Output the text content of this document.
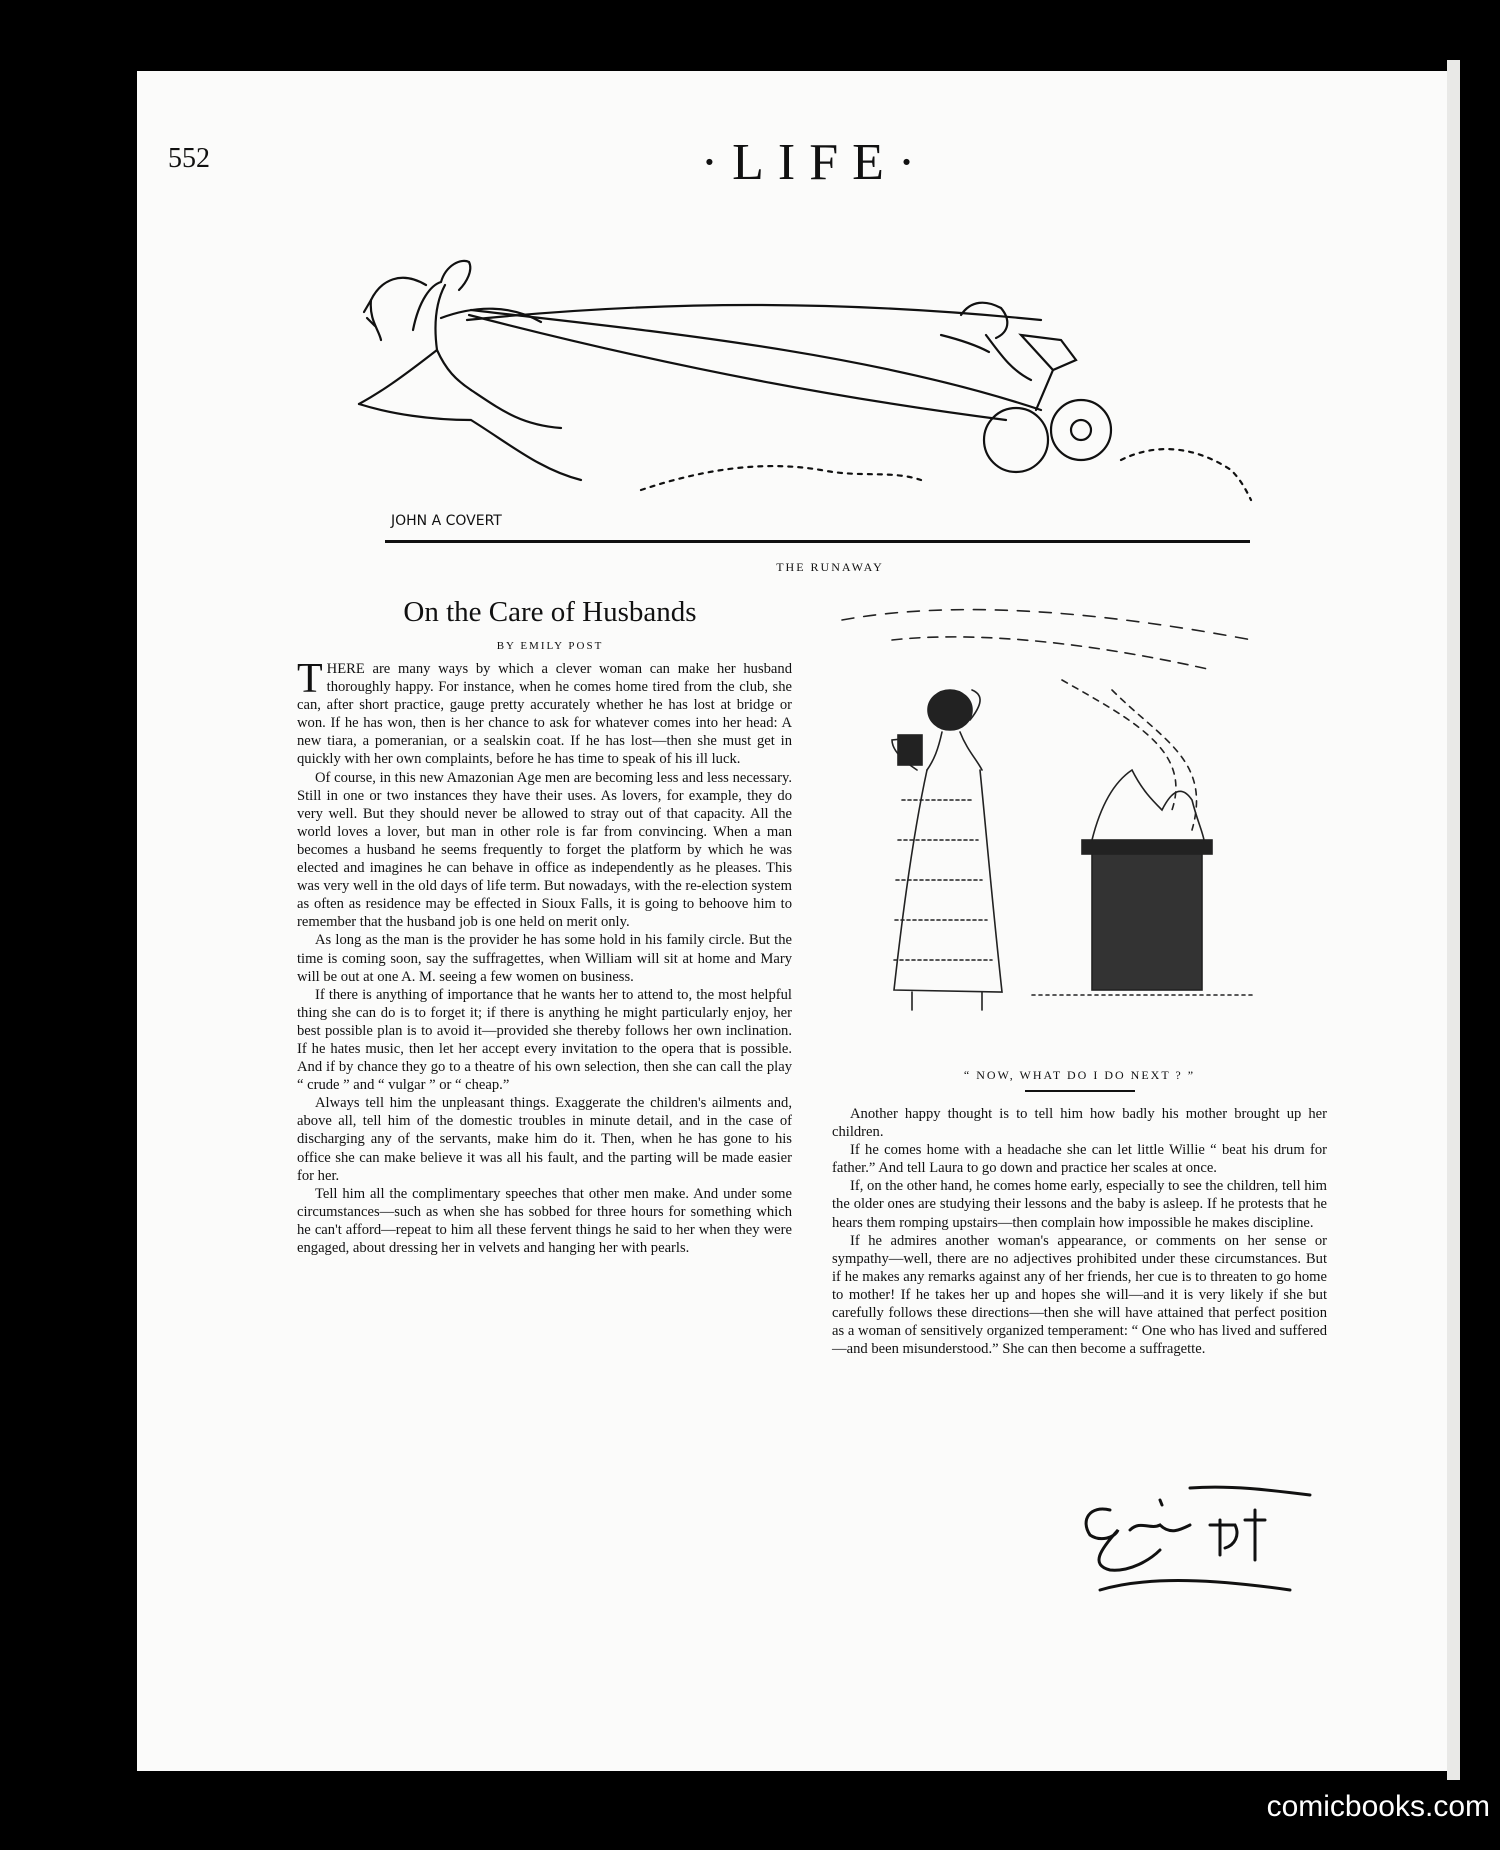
552	·LIFE·
JOHN A COVERT
THE RUNAWAY
On the Care of Husbands
BY EMILY POST

T HERE are many ways by which a clever woman can make her husband thoroughly happy. For instance, when he comes home tired from the club, she can, after short practice, gauge pretty accurately whether he has lost at bridge or won. If he has won, then is her chance to ask for whatever comes into her head: A new tiara, a pomeranian, or a sealskin coat. If he has lost—then she must get in quickly with her own complaints, before he has time to speak of his ill luck.

Of course, in this new Amazonian Age men are becoming less and less necessary. Still in one or two instances they have their uses. As lovers, for example, they do very well. But they should never be allowed to stray out of that capacity. All the world loves a lover, but man in other role is far from convincing. When a man becomes a husband he seems frequently to forget the platform by which he was elected and imagines he can behave in office as independently as he pleases. This was very well in the old days of life term. But nowadays, with the re-election system as often as residence may be effected in Sioux Falls, it is going to behoove him to remember that the husband job is one held on merit only.

As long as the man is the provider he has some hold in his family circle. But the time is coming soon, say the suffragettes, when William will sit at home and Mary will be out at one A. M. seeing a few women on business.

If there is anything of importance that he wants her to attend to, the most helpful thing she can do is to forget it; if there is anything he might particularly enjoy, her best possible plan is to avoid it—provided she thereby follows her own inclination. If he hates music, then let her accept every invitation to the opera that is possible. And if by chance they go to a theatre of his own selection, then she can call the play “ crude ” and “ vulgar ” or “ cheap.”

Always tell him the unpleasant things. Exaggerate the children's ailments and, above all, tell him of the domestic troubles in minute detail, and in the case of discharging any of the servants, make him do it. Then, when he has gone to his office she can make believe it was all his fault, and the parting will be made easier for her.

Tell him all the complimentary speeches that other men make. And under some circumstances—such as when she has sobbed for three hours for something which he can't afford—repeat to him all these fervent things he said to her when they were engaged, about dressing her in velvets and hanging her with pearls.

“ NOW, WHAT DO I DO NEXT ? ”

Another happy thought is to tell him how badly his mother brought up her children.

If he comes home with a headache she can let little Willie “ beat his drum for father.” And tell Laura to go down and practice her scales at once.

If, on the other hand, he comes home early, especially to see the children, tell him the older ones are studying their lessons and the baby is asleep. If he protests that he hears them romping upstairs—then complain how impossible he makes discipline.

If he admires another woman's appearance, or comments on her sense or sympathy—well, there are no adjectives prohibited under these circumstances. But if he makes any remarks against any of her friends, her cue is to threaten to go home to mother! If he takes her up and hopes she will—and it is very likely if she but carefully follows these directions—then she will have attained that perfect position as a woman of sensitively organized temperament: “ One who has lived and suffered—and been misunderstood.” She can then become a suffragette.

comicbooks.com
